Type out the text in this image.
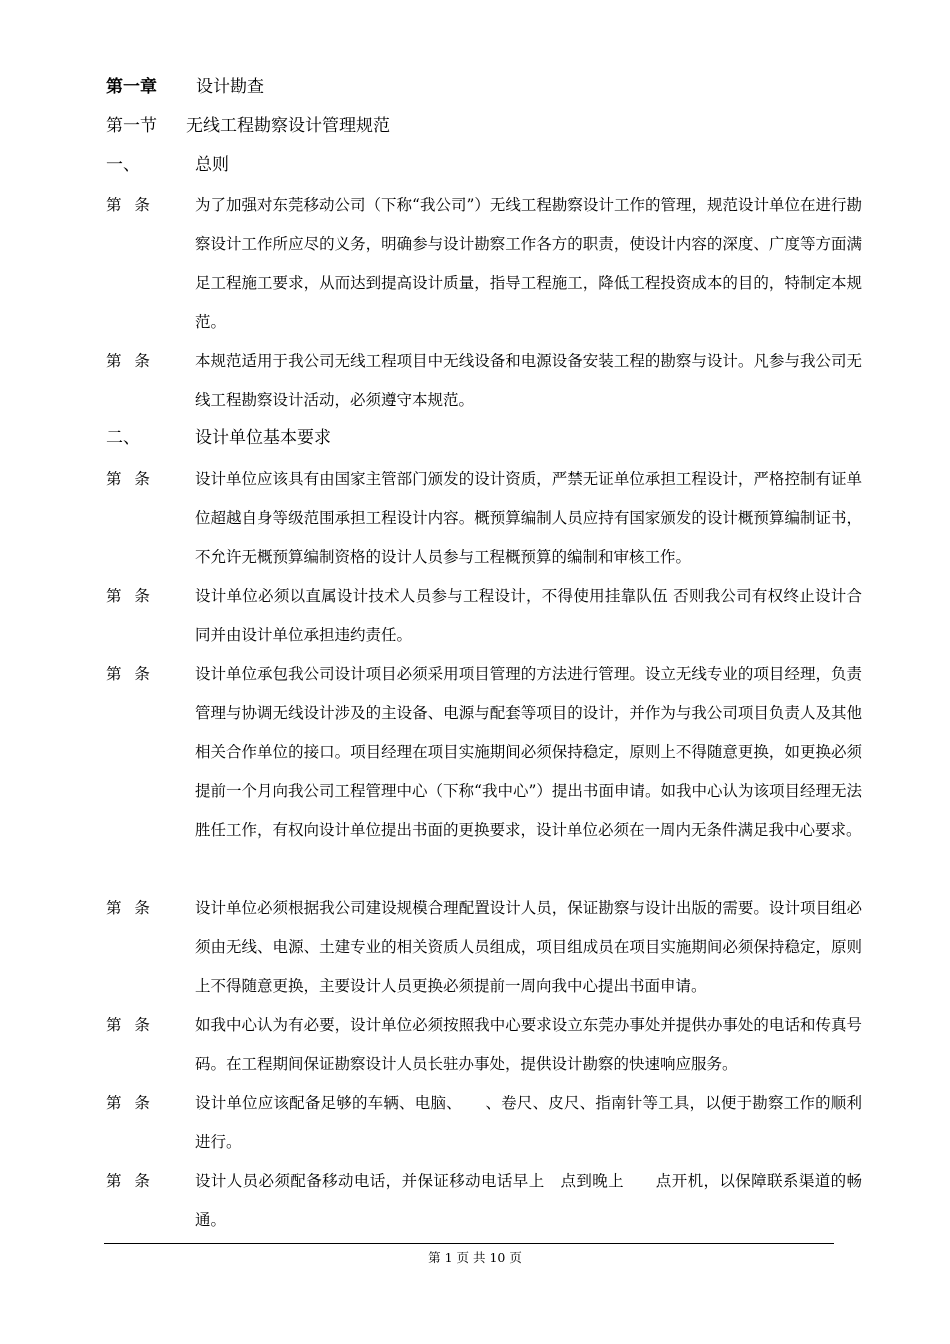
第一章 设计勘查
第一节 无线工程勘察设计管理规范
一、	总则
第 条	为了加强对东莞移动公司（下称“我公司”）无线工程勘察设计工作的管理，规范设计单位在进行勘察设计工作所应尽的义务，明确参与设计勘察工作各方的职责，使设计内容的深度、广度等方面满足工程施工要求，从而达到提高设计质量，指导工程施工，降低工程投资成本的目的，特制定本规范。
第 条	本规范适用于我公司无线工程项目中无线设备和电源设备安装工程的勘察与设计。凡参与我公司无线工程勘察设计活动，必须遵守本规范。
二、	设计单位基本要求
第 条	设计单位应该具有由国家主管部门颁发的设计资质，严禁无证单位承担工程设计，严格控制有证单位超越自身等级范围承担工程设计内容。概预算编制人员应持有国家颁发的设计概预算编制证书，不允许无概预算编制资格的设计人员参与工程概预算的编制和审核工作。
第 条	设计单位必须以直属设计技术人员参与工程设计，不得使用挂靠队伍 否则我公司有权终止设计合同并由设计单位承担违约责任。
第 条	设计单位承包我公司设计项目必须采用项目管理的方法进行管理。设立无线专业的项目经理，负责管理与协调无线设计涉及的主设备、电源与配套等项目的设计，并作为与我公司项目负责人及其他相关合作单位的接口。项目经理在项目实施期间必须保持稳定，原则上不得随意更换，如更换必须提前一个月向我公司工程管理中心（下称“我中心”）提出书面申请。如我中心认为该项目经理无法胜任工作，有权向设计单位提出书面的更换要求，设计单位必须在一周内无条件满足我中心要求。
第 条	设计单位必须根据我公司建设规模合理配置设计人员，保证勘察与设计出版的需要。设计项目组必须由无线、电源、土建专业的相关资质人员组成，项目组成员在项目实施期间必须保持稳定，原则上不得随意更换，主要设计人员更换必须提前一周向我中心提出书面申请。
第 条	如我中心认为有必要，设计单位必须按照我中心要求设立东莞办事处并提供办事处的电话和传真号码。在工程期间保证勘察设计人员长驻办事处，提供设计勘察的快速响应服务。
第 条	设计单位应该配备足够的车辆、电脑、　　、卷尺、皮尺、指南针等工具，以便于勘察工作的顺利进行。
第 条	设计人员必须配备移动电话，并保证移动电话早上　点到晚上　　点开机，以保障联系渠道的畅通。
第 1 页 共 10 页
